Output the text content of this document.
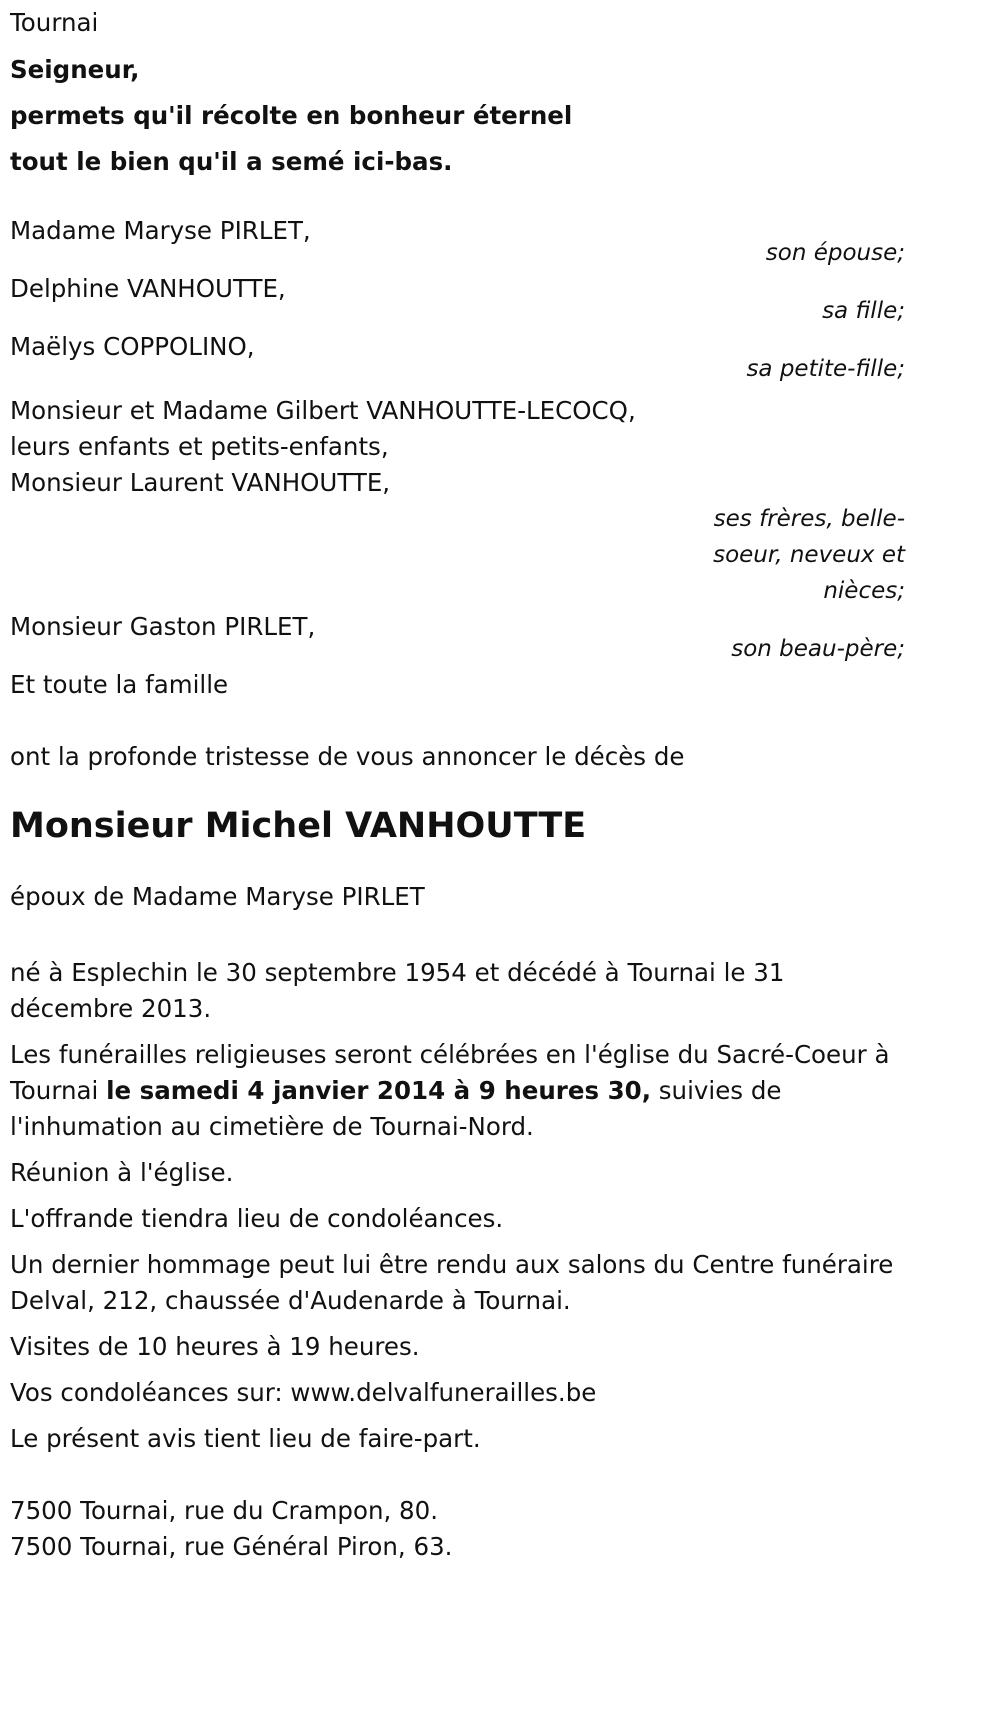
Tournai

Seigneur,
permets qu'il récolte en bonheur éternel
tout le bien qu'il a semé ici-bas.
Madame Maryse PIRLET,
son épouse;
Delphine VANHOUTTE,
sa fille;
Maëlys COPPOLINO,
sa petite-fille;
Monsieur et Madame Gilbert VANHOUTTE-LECOCQ,
leurs enfants et petits-enfants,
Monsieur Laurent VANHOUTTE,
ses frères, belle-soeur, neveux et nièces;
Monsieur Gaston PIRLET,
son beau-père;
Et toute la famille

ont la profonde tristesse de vous annoncer le décès de

Monsieur Michel VANHOUTTE

époux de Madame Maryse PIRLET

né à Esplechin le 30 septembre 1954 et décédé à Tournai le 31 décembre 2013.

Les funérailles religieuses seront célébrées en l'église du Sacré-Coeur à Tournai le samedi 4 janvier 2014 à 9 heures 30, suivies de l'inhumation au cimetière de Tournai-Nord.

Réunion à l'église.

L'offrande tiendra lieu de condoléances.

Un dernier hommage peut lui être rendu aux salons du Centre funéraire Delval, 212, chaussée d'Audenarde à Tournai.

Visites de 10 heures à 19 heures.

Vos condoléances sur: www.delvalfunerailles.be

Le présent avis tient lieu de faire-part.

7500 Tournai, rue du Crampon, 80.

7500 Tournai, rue Général Piron, 63.
